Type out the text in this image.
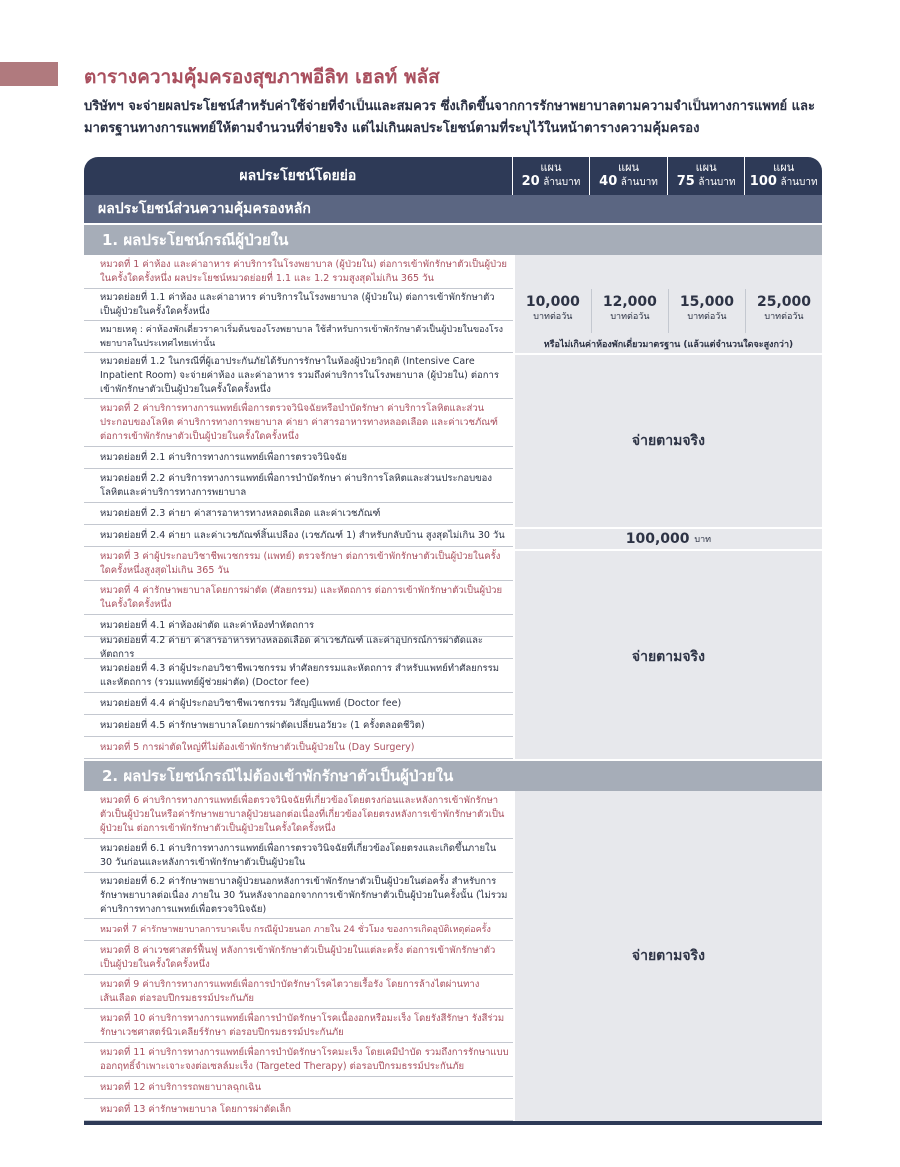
ตารางความคุ้มครองสุขภาพอีลิท เฮลท์ พลัส

บริษัทฯ จะจ่ายผลประโยชน์สำหรับค่าใช้จ่ายที่จำเป็นและสมควร ซึ่งเกิดขึ้นจากการรักษาพยาบาลตามความจำเป็นทางการแพทย์ และมาตรฐานทางการแพทย์ให้ตามจำนวนที่จ่ายจริง แต่ไม่เกินผลประโยชน์ตามที่ระบุไว้ในหน้าตารางความคุ้มครอง

ผลประโยชน์โดยย่อ
แผน
20 ล้านบาท
แผน
40 ล้านบาท
แผน
75 ล้านบาท
แผน
100 ล้านบาท
ผลประโยชน์ส่วนความคุ้มครองหลัก
1. ผลประโยชน์กรณีผู้ป่วยใน
หมวดที่ 1 ค่าห้อง และค่าอาหาร ค่าบริการในโรงพยาบาล (ผู้ป่วยใน) ต่อการเข้าพักรักษาตัวเป็นผู้ป่วยในครั้งใดครั้งหนึ่ง ผลประโยชน์หมวดย่อยที่ 1.1 และ 1.2 รวมสูงสุดไม่เกิน 365 วัน
หมวดย่อยที่ 1.1 ค่าห้อง และค่าอาหาร ค่าบริการในโรงพยาบาล (ผู้ป่วยใน) ต่อการเข้าพักรักษาตัวเป็นผู้ป่วยในครั้งใดครั้งหนึ่ง
หมายเหตุ : ค่าห้องพักเดี่ยวราคาเริ่มต้นของโรงพยาบาล ใช้สำหรับการเข้าพักรักษาตัวเป็นผู้ป่วยในของโรงพยาบาลในประเทศไทยเท่านั้น
หมวดย่อยที่ 1.2 ในกรณีที่ผู้เอาประกันภัยได้รับการรักษาในห้องผู้ป่วยวิกฤติ (Intensive Care Inpatient Room) จะจ่ายค่าห้อง และค่าอาหาร รวมถึงค่าบริการในโรงพยาบาล (ผู้ป่วยใน) ต่อการเข้าพักรักษาตัวเป็นผู้ป่วยในครั้งใดครั้งหนึ่ง
หมวดที่ 2 ค่าบริการทางการแพทย์เพื่อการตรวจวินิจฉัยหรือบำบัดรักษา ค่าบริการโลหิตและส่วนประกอบของโลหิต ค่าบริการทางการพยาบาล ค่ายา ค่าสารอาหารทางหลอดเลือด และค่าเวชภัณฑ์ ต่อการเข้าพักรักษาตัวเป็นผู้ป่วยในครั้งใดครั้งหนึ่ง
หมวดย่อยที่ 2.1 ค่าบริการทางการแพทย์เพื่อการตรวจวินิจฉัย
หมวดย่อยที่ 2.2 ค่าบริการทางการแพทย์เพื่อการบำบัดรักษา ค่าบริการโลหิตและส่วนประกอบของโลหิตและค่าบริการทางการพยาบาล
หมวดย่อยที่ 2.3 ค่ายา ค่าสารอาหารทางหลอดเลือด และค่าเวชภัณฑ์
หมวดย่อยที่ 2.4 ค่ายา และค่าเวชภัณฑ์สิ้นเปลือง (เวชภัณฑ์ 1) สำหรับกลับบ้าน สูงสุดไม่เกิน 30 วัน
หมวดที่ 3 ค่าผู้ประกอบวิชาชีพเวชกรรม (แพทย์) ตรวจรักษา ต่อการเข้าพักรักษาตัวเป็นผู้ป่วยในครั้งใดครั้งหนึ่งสูงสุดไม่เกิน 365 วัน
หมวดที่ 4 ค่ารักษาพยาบาลโดยการผ่าตัด (ศัลยกรรม) และหัตถการ ต่อการเข้าพักรักษาตัวเป็นผู้ป่วยในครั้งใดครั้งหนึ่ง
หมวดย่อยที่ 4.1 ค่าห้องผ่าตัด และค่าห้องทำหัตถการ
หมวดย่อยที่ 4.2 ค่ายา ค่าสารอาหารทางหลอดเลือด ค่าเวชภัณฑ์ และค่าอุปกรณ์การผ่าตัดและหัตถการ
หมวดย่อยที่ 4.3 ค่าผู้ประกอบวิชาชีพเวชกรรม ทำศัลยกรรมและหัตถการ สำหรับแพทย์ทำศัลยกรรมและหัตถการ (รวมแพทย์ผู้ช่วยผ่าตัด) (Doctor fee)
หมวดย่อยที่ 4.4 ค่าผู้ประกอบวิชาชีพเวชกรรม วิสัญญีแพทย์ (Doctor fee)
หมวดย่อยที่ 4.5 ค่ารักษาพยาบาลโดยการผ่าตัดเปลี่ยนอวัยวะ (1 ครั้งตลอดชีวิต)
หมวดที่ 5 การผ่าตัดใหญ่ที่ไม่ต้องเข้าพักรักษาตัวเป็นผู้ป่วยใน (Day Surgery)
10,000
บาทต่อวัน
12,000
บาทต่อวัน
15,000
บาทต่อวัน
25,000
บาทต่อวัน
หรือไม่เกินค่าห้องพักเดี่ยวมาตรฐาน (แล้วแต่จำนวนใดจะสูงกว่า)
จ่ายตามจริง
100,000
บาท
จ่ายตามจริง
2. ผลประโยชน์กรณีไม่ต้องเข้าพักรักษาตัวเป็นผู้ป่วยใน
หมวดที่ 6 ค่าบริการทางการแพทย์เพื่อตรวจวินิจฉัยที่เกี่ยวข้องโดยตรงก่อนและหลังการเข้าพักรักษาตัวเป็นผู้ป่วยในหรือค่ารักษาพยาบาลผู้ป่วยนอกต่อเนื่องที่เกี่ยวข้องโดยตรงหลังการเข้าพักรักษาตัวเป็นผู้ป่วยใน ต่อการเข้าพักรักษาตัวเป็นผู้ป่วยในครั้งใดครั้งหนึ่ง
หมวดย่อยที่ 6.1 ค่าบริการทางการแพทย์เพื่อการตรวจวินิจฉัยที่เกี่ยวข้องโดยตรงและเกิดขึ้นภายใน 30 วันก่อนและหลังการเข้าพักรักษาตัวเป็นผู้ป่วยใน
หมวดย่อยที่ 6.2 ค่ารักษาพยาบาลผู้ป่วยนอกหลังการเข้าพักรักษาตัวเป็นผู้ป่วยในต่อครั้ง สำหรับการรักษาพยาบาลต่อเนื่อง ภายใน 30 วันหลังจากออกจากการเข้าพักรักษาตัวเป็นผู้ป่วยในครั้งนั้น (ไม่รวมค่าบริการทางการแพทย์เพื่อตรวจวินิจฉัย)
หมวดที่ 7 ค่ารักษาพยาบาลการบาดเจ็บ กรณีผู้ป่วยนอก ภายใน 24 ชั่วโมง ของการเกิดอุบัติเหตุต่อครั้ง
หมวดที่ 8 ค่าเวชศาสตร์ฟื้นฟู หลังการเข้าพักรักษาตัวเป็นผู้ป่วยในแต่ละครั้ง ต่อการเข้าพักรักษาตัวเป็นผู้ป่วยในครั้งใดครั้งหนึ่ง
หมวดที่ 9 ค่าบริการทางการแพทย์เพื่อการบำบัดรักษาโรคไตวายเรื้อรัง โดยการล้างไตผ่านทางเส้นเลือด ต่อรอบปีกรมธรรม์ประกันภัย
หมวดที่ 10 ค่าบริการทางการแพทย์เพื่อการบำบัดรักษาโรคเนื้องอกหรือมะเร็ง โดยรังสีรักษา รังสีร่วมรักษาเวชศาสตร์นิวเคลียร์รักษา ต่อรอบปีกรมธรรม์ประกันภัย
หมวดที่ 11 ค่าบริการทางการแพทย์เพื่อการบำบัดรักษาโรคมะเร็ง โดยเคมีบำบัด รวมถึงการรักษาแบบออกฤทธิ์จำเพาะเจาะจงต่อเซลล์มะเร็ง (Targeted Therapy) ต่อรอบปีกรมธรรม์ประกันภัย
หมวดที่ 12 ค่าบริการรถพยาบาลฉุกเฉิน
หมวดที่ 13 ค่ารักษาพยาบาล โดยการผ่าตัดเล็ก
จ่ายตามจริง
